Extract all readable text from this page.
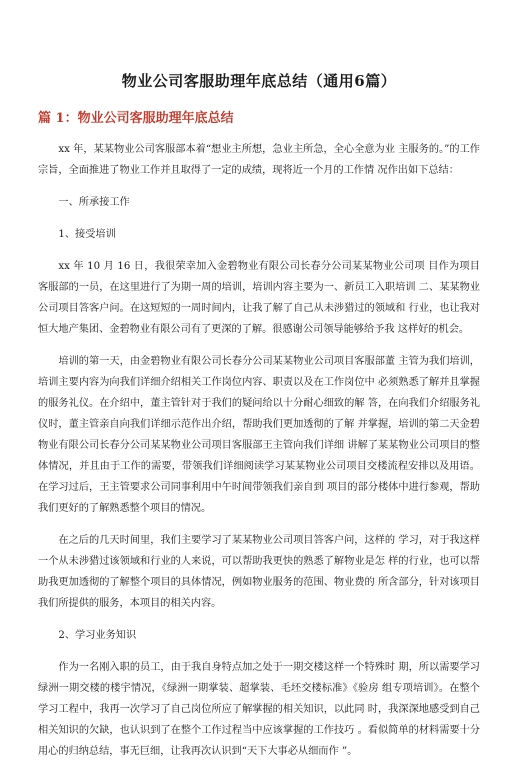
物业公司客服助理年底总结（通用6篇）
篇 1：物业公司客服助理年底总结

xx 年，某某物业公司客服部本着“想业主所想，急业主所急，全心全意为业 主服务的。”的工作宗旨，全面推进了物业工作并且取得了一定的成绩，现将近一个月的工作情 况作出如下总结：

一、所承接工作

1、接受培训

xx 年 10 月 16 日，我很荣幸加入金碧物业有限公司长春分公司某某物业公司项 目作为项目客服部的一员，在这里进行了为期一周的培训，培训内容主要为一、新员工入职培训 二、某某物业公司项目答客户问。在这短短的一周时间内，让我了解了自己从未涉猎过的领域和 行业，也让我对恒大地产集团、金碧物业有限公司有了更深的了解。很感谢公司领导能够给予我 这样好的机会。

培训的第一天，由金碧物业有限公司长春分公司某某物业公司项目客服部董 主管为我们培训，培训主要内容为向我们详细介绍相关工作岗位内容、职责以及在工作岗位中 必须熟悉了解并且掌握的服务礼仪。在介绍中，董主管针对于我们的疑问给以十分耐心细致的解 答，在向我们介绍服务礼仪时，董主管亲自向我们详细示范作出介绍，帮助我们更加透彻的了解 并掌握，培训的第二天金碧物业有限公司长春分公司某某物业公司项目客服部王主管向我们详细 讲解了某某物业公司项目的整体情况，并且由于工作的需要，带领我们详细阅读学习某某物业公司项目交楼流程安排以及用语。在学习过后，王主管要求公司同事利用中午时间带领我们亲自到 项目的部分楼体中进行参观，帮助我们更好的了解熟悉整个项目的情况。

在之后的几天时间里，我们主要学习了某某物业公司项目答客户问，这样的 学习，对于我这样一个从未涉猎过该领域和行业的人来说，可以帮助我更快的熟悉了解物业是怎 样的行业，也可以帮助我更加透彻的了解整个项目的具体情况，例如物业服务的范围、物业费的 所含部分，针对该项目我们所提供的服务，本项目的相关内容。

2、学习业务知识

作为一名刚入职的员工，由于我自身特点加之处于一期交楼这样一个特殊时 期，所以需要学习绿洲一期交楼的楼宇情况，《绿洲一期掌装、超掌装、毛坯交楼标准》《验房 组专项培训》。在整个学习工程中，我再一次学习了自己岗位所应了解掌握的相关知识，以此同 时，我深深地感受到自己相关知识的欠缺，也认识到了在整个工作过程当中应该掌握的工作技巧 。看似简单的材料需要十分用心的归纳总结，事无巨细，让我再次认识到“天下大事必从细而作 ”。
